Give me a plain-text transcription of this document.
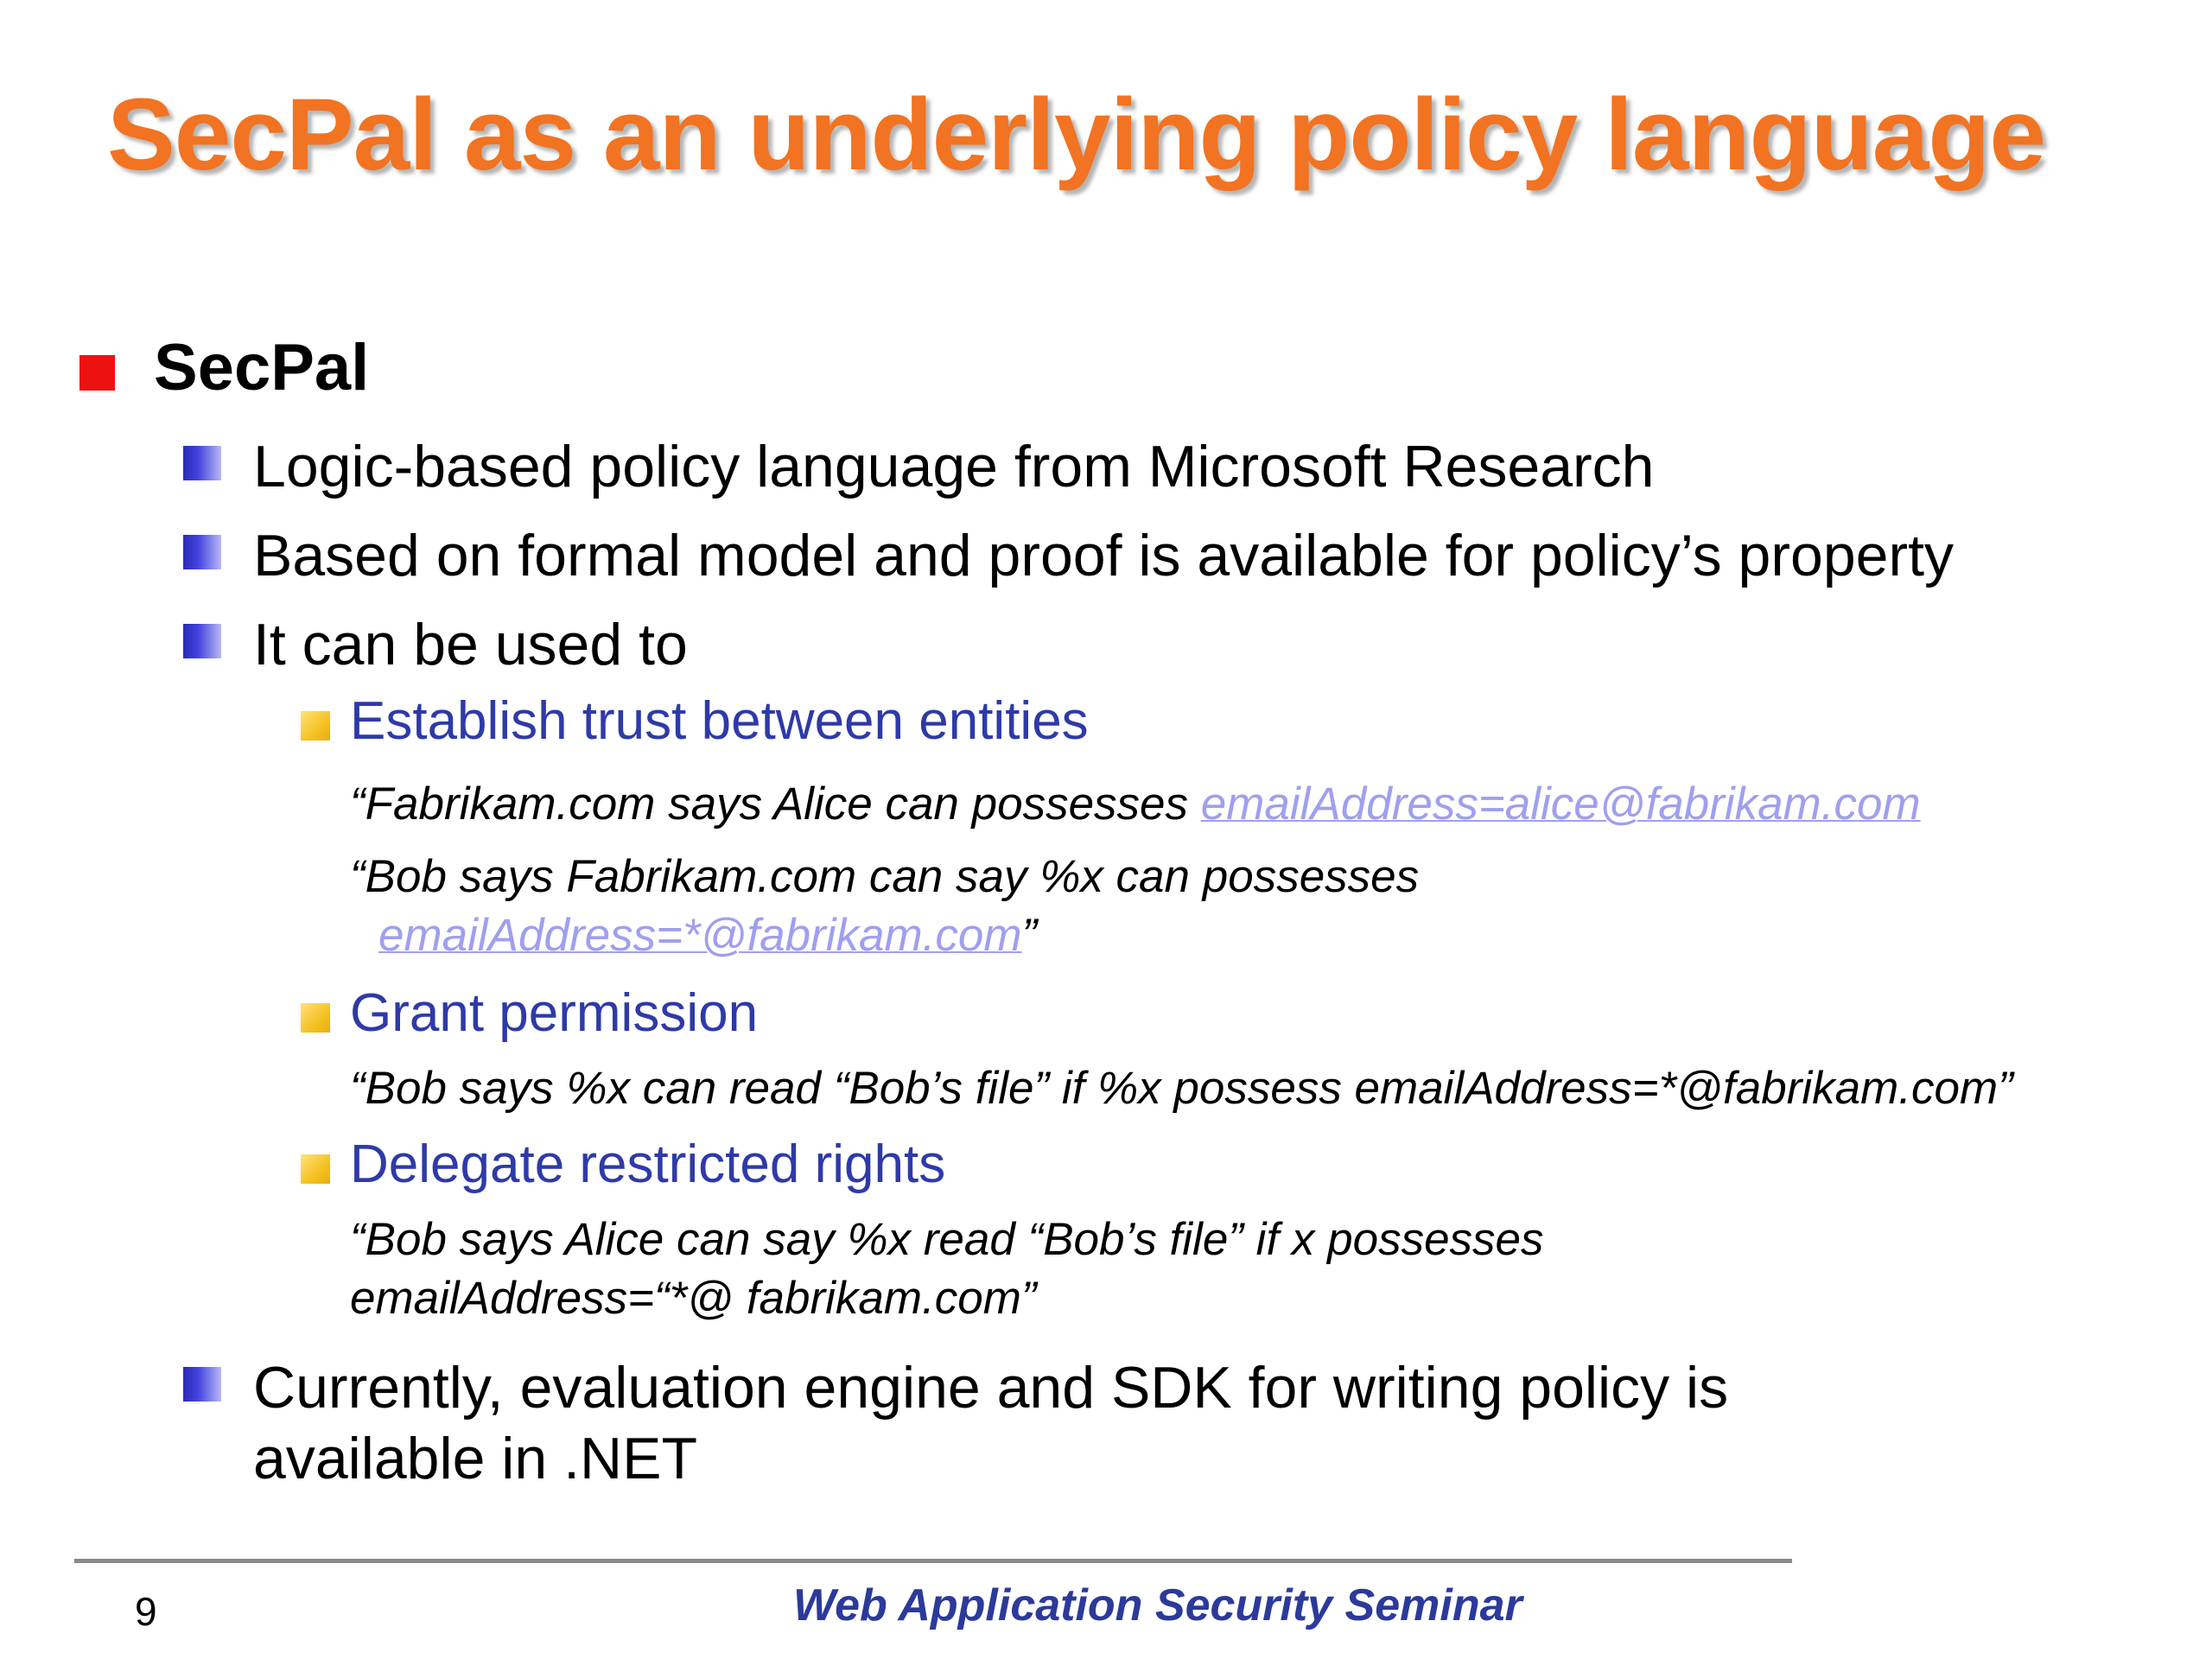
SecPal as an underlying policy language
SecPal
Logic-based policy language from Microsoft Research
Based on formal model and proof is available for policy’s property
It can be used to
Establish trust between entities
“Fabrikam.com says Alice can possesses emailAddress=alice@fabrikam.com
“Bob says Fabrikam.com can say %x can possesses
emailAddress=*@fabrikam.com”
Grant permission
“Bob says %x can read “Bob’s file” if %x possess emailAddress=*@fabrikam.com”
Delegate restricted rights
“Bob says Alice can say %x read “Bob’s file” if x possesses
emailAddress=“*@ fabrikam.com”
Currently, evaluation engine and SDK for writing policy is
available in .NET
9	Web Application Security Seminar
